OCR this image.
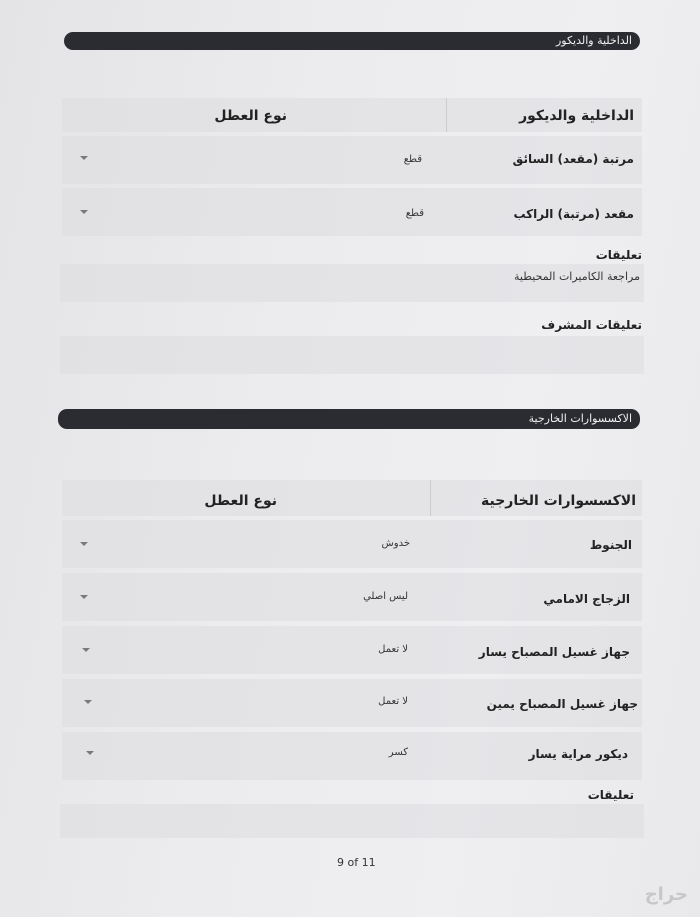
الداخلية والديكور
الداخلية والديكور
نوع العطل
مرتبة (مقعد) السائق
قطع
مقعد (مرتبة) الراكب
قطع
تعليقات
مراجعة الكاميرات المحيطية
تعليقات المشرف
الاكسسوارات الخارجية
الاكسسوارات الخارجية
نوع العطل
الجنوط
خدوش
الزجاج الامامي
ليس اصلي
جهاز غسيل المصباح يسار
لا تعمل
جهاز غسيل المصباح يمين
لا تعمل
ديكور مراية يسار
كسر
تعليقات
9 of 11
حراج
